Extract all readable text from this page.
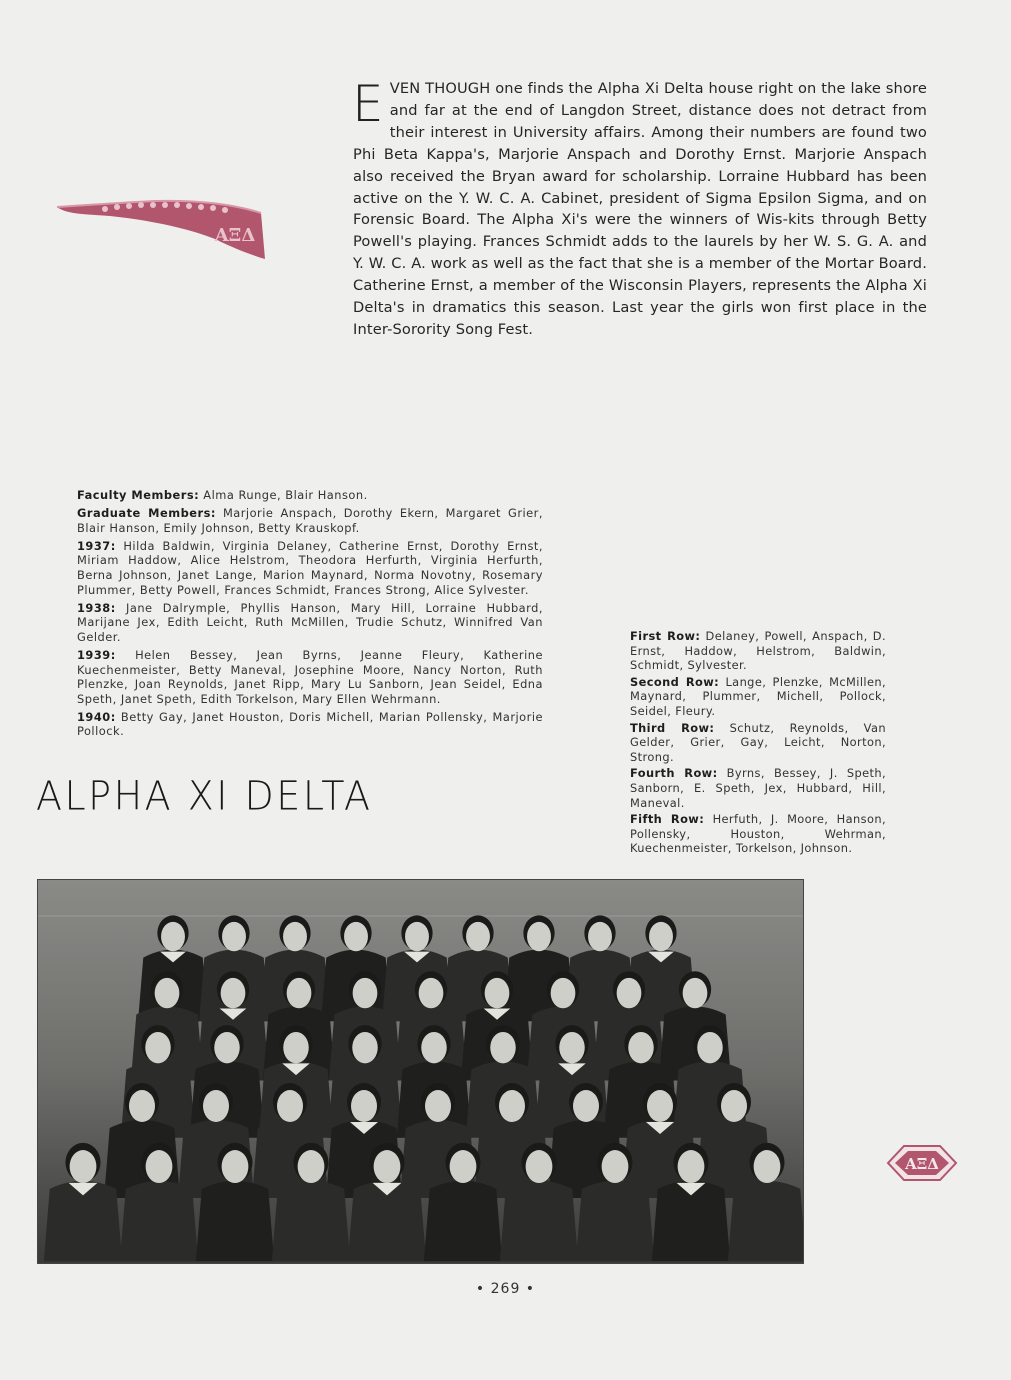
ΑΞΔ
EVEN THOUGH one finds the Alpha Xi Delta house right on the lake shore and far at the end of Langdon Street, distance does not detract from their interest in University affairs. Among their numbers are found two Phi Beta Kappa's, Marjorie Anspach and Dorothy Ernst. Marjorie Anspach also received the Bryan award for scholarship. Lorraine Hubbard has been active on the Y. W. C. A. Cabinet, president of Sigma Epsilon Sigma, and on Forensic Board. The Alpha Xi's were the winners of Wis-kits through Betty Powell's playing. Frances Schmidt adds to the laurels by her W. S. G. A. and Y. W. C. A. work as well as the fact that she is a member of the Mortar Board. Catherine Ernst, a member of the Wisconsin Players, represents the Alpha Xi Delta's in dramatics this season. Last year the girls won first place in the Inter-Sorority Song Fest.

Faculty Members: Alma Runge, Blair Hanson.

Graduate Members: Marjorie Anspach, Dorothy Ekern, Margaret Grier, Blair Hanson, Emily Johnson, Betty Krauskopf.

1937: Hilda Baldwin, Virginia Delaney, Catherine Ernst, Dorothy Ernst, Miriam Haddow, Alice Helstrom, Theodora Herfurth, Virginia Herfurth, Berna Johnson, Janet Lange, Marion Maynard, Norma Novotny, Rosemary Plummer, Betty Powell, Frances Schmidt, Frances Strong, Alice Sylvester.

1938: Jane Dalrymple, Phyllis Hanson, Mary Hill, Lorraine Hubbard, Marijane Jex, Edith Leicht, Ruth McMillen, Trudie Schutz, Winnifred Van Gelder.

1939: Helen Bessey, Jean Byrns, Jeanne Fleury, Katherine Kuechenmeister, Betty Maneval, Josephine Moore, Nancy Norton, Ruth Plenzke, Joan Reynolds, Janet Ripp, Mary Lu Sanborn, Jean Seidel, Edna Speth, Janet Speth, Edith Torkelson, Mary Ellen Wehrmann.

1940: Betty Gay, Janet Houston, Doris Michell, Marian Pollensky, Marjorie Pollock.

First Row: Delaney, Powell, Anspach, D. Ernst, Haddow, Helstrom, Baldwin, Schmidt, Sylvester.

Second Row: Lange, Plenzke, McMillen, Maynard, Plummer, Michell, Pollock, Seidel, Fleury.

Third Row: Schutz, Reynolds, Van Gelder, Grier, Gay, Leicht, Norton, Strong.

Fourth Row: Byrns, Bessey, J. Speth, Sanborn, E. Speth, Jex, Hubbard, Hill, Maneval.

Fifth Row: Herfuth, J. Moore, Hanson, Pollensky, Houston, Wehrman, Kuechenmeister, Torkelson, Johnson.

ALPHA XI DELTA
ΑΞΔ
• 269 •
